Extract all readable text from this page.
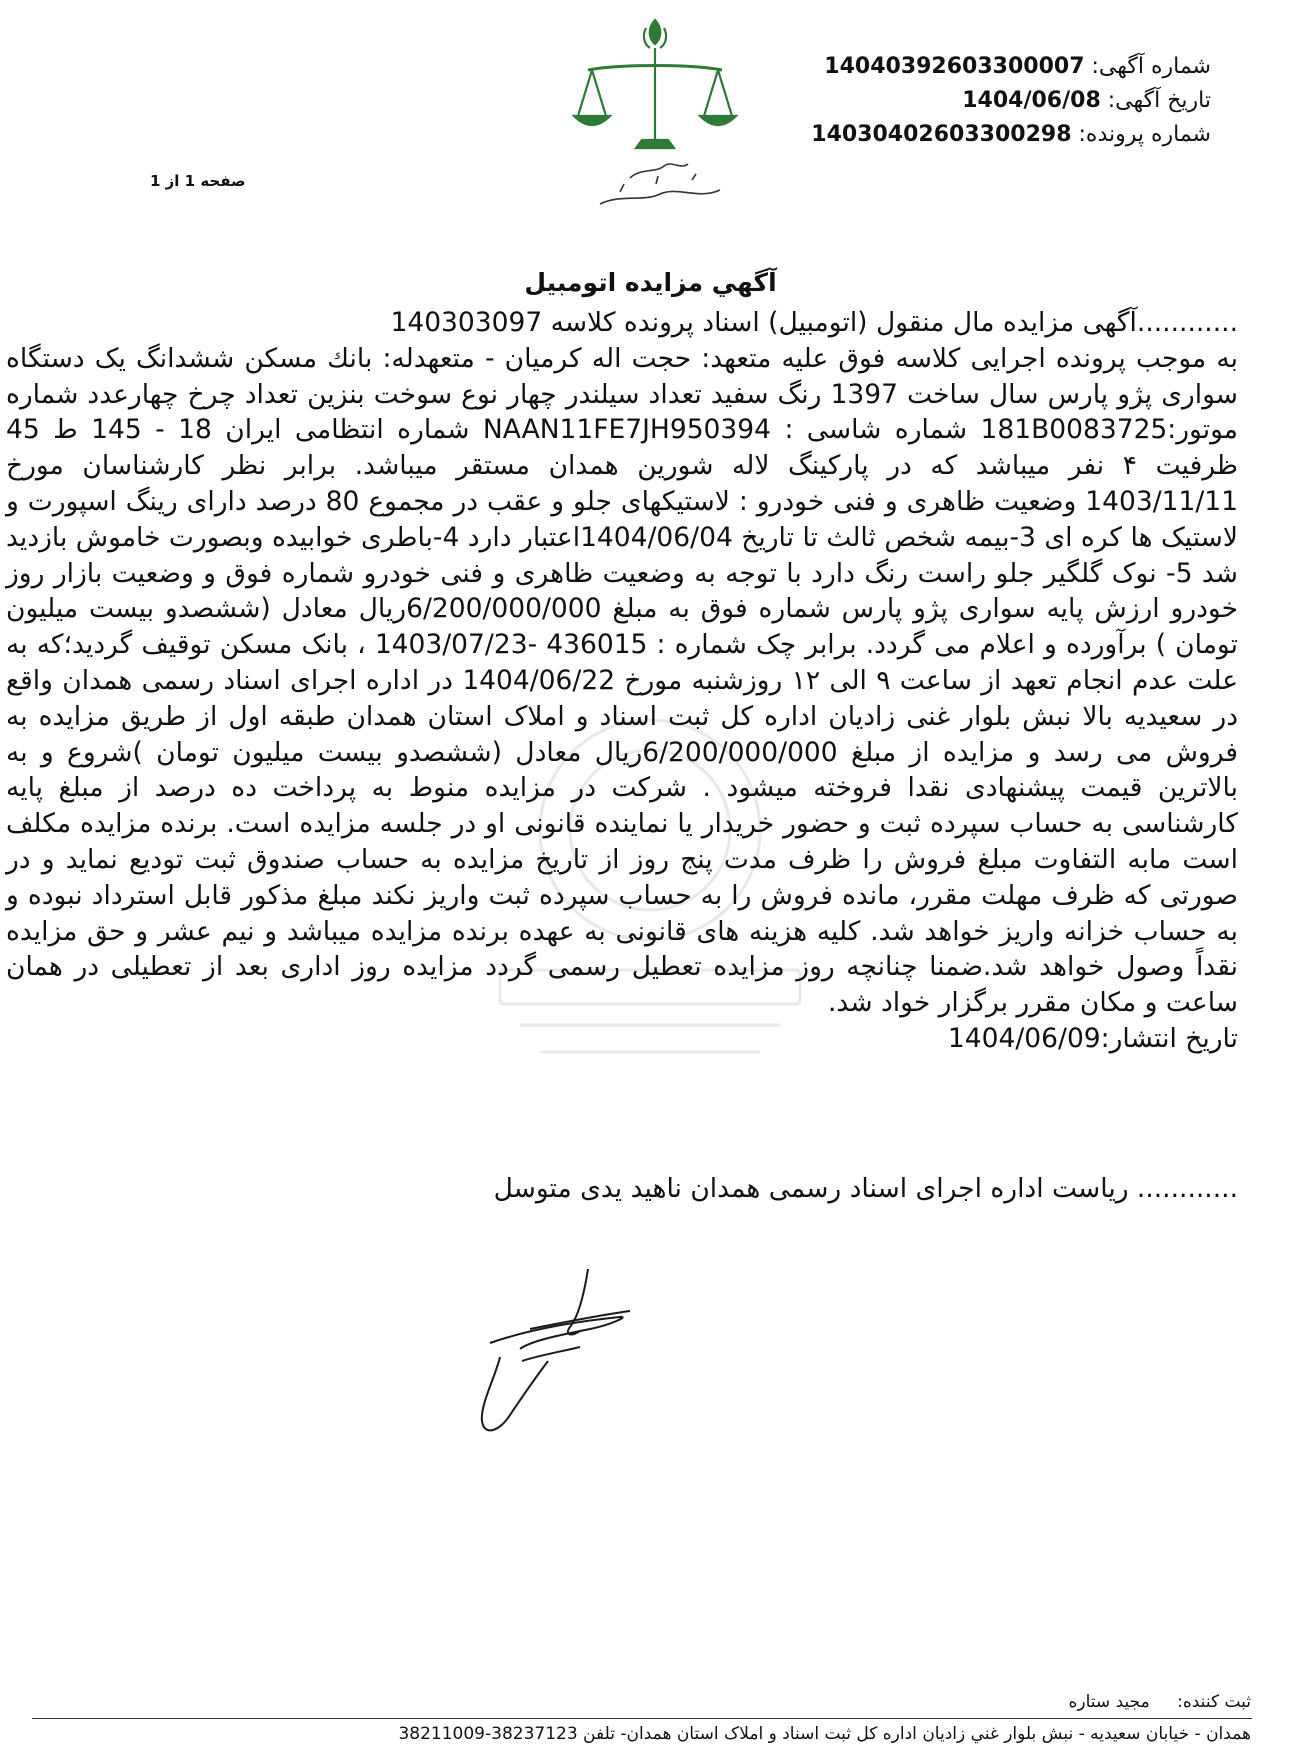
شماره آگهی: 14040392603300007
تاریخ آگهی: 1404/06/08
شماره پرونده: 14030402603300298
صفحه 1 از 1
آگهي مزايده اتومبيل

............آگهی مزایده مال منقول (اتومبیل) اسناد پرونده کلاسه 140303097

به موجب پرونده اجرایی کلاسه فوق علیه متعهد: حجت اله کرمیان - متعهدله: بانك مسکن ششدانگ یک دستگاه سواری پژو پارس سال ساخت 1397 رنگ سفید تعداد سیلندر چهار نوع سوخت بنزین تعداد چرخ چهارعدد شماره موتور:181B0083725 شماره شاسی : NAAN11FE7JH950394 شماره انتظامی ایران 18 - 145 ط 45 ظرفیت ۴ نفر میباشد که در پارکینگ لاله شورین همدان مستقر میباشد. برابر نظر کارشناسان مورخ 1403/11/11 وضعیت ظاهری و فنی خودرو : لاستیکهای جلو و عقب در مجموع 80 درصد دارای رینگ اسپورت و لاستیک ها کره ای 3-بیمه شخص ثالث تا تاریخ 1404/06/04اعتبار دارد 4-باطری خوابیده وبصورت خاموش بازدید شد 5- نوک گلگیر جلو راست رنگ دارد با توجه به وضعیت ظاهری و فنی خودرو شماره فوق و وضعیت بازار روز خودرو ارزش پایه سواری پژو پارس شماره فوق به مبلغ 6/200/000/000ریال معادل (ششصدو بیست میلیون تومان ) برآورده و اعلام می گردد. برابر چک شماره : 436015 -1403/07/23 ، بانک مسکن توقیف گردید؛که به علت عدم انجام تعهد از ساعت ۹ الی ۱۲ روزشنبه مورخ 1404/06/22 در اداره اجرای اسناد رسمی همدان واقع در سعیدیه بالا نبش بلوار غنی زادیان اداره کل ثبت اسناد و املاک استان همدان طبقه اول از طریق مزایده به فروش می رسد و مزایده از مبلغ 6/200/000/000ریال معادل (ششصدو بیست میلیون تومان )شروع و به بالاترین قیمت پیشنهادی نقدا فروخته میشود . شرکت در مزایده منوط به پرداخت ده درصد از مبلغ پایه کارشناسی به حساب سپرده ثبت و حضور خریدار یا نماینده قانونی او در جلسه مزایده است. برنده مزایده مکلف است مابه التفاوت مبلغ فروش را ظرف مدت پنج روز از تاریخ مزایده به حساب صندوق ثبت تودیع نماید و در صورتی که ظرف مهلت مقرر، مانده فروش را به حساب سپرده ثبت واریز نکند مبلغ مذکور قابل استرداد نبوده و به حساب خزانه واریز خواهد شد. کلیه هزینه های قانونی به عهده برنده مزایده میباشد و نیم عشر و حق مزایده نقداً وصول خواهد شد.ضمنا چنانچه روز مزایده تعطیل رسمی گردد مزایده روز اداری بعد از تعطیلی در همان ساعت و مکان مقرر برگزار خواد شد.

تاریخ انتشار:1404/06/09

............ ریاست اداره اجرای اسناد رسمی همدان ناهید یدی متوسل
ثبت کننده: مجید ستاره
همدان - خیابان سعیدیه - نبش بلوار غني زادیان اداره کل ثبت اسناد و املاک استان همدان- تلفن 38237123-38211009
